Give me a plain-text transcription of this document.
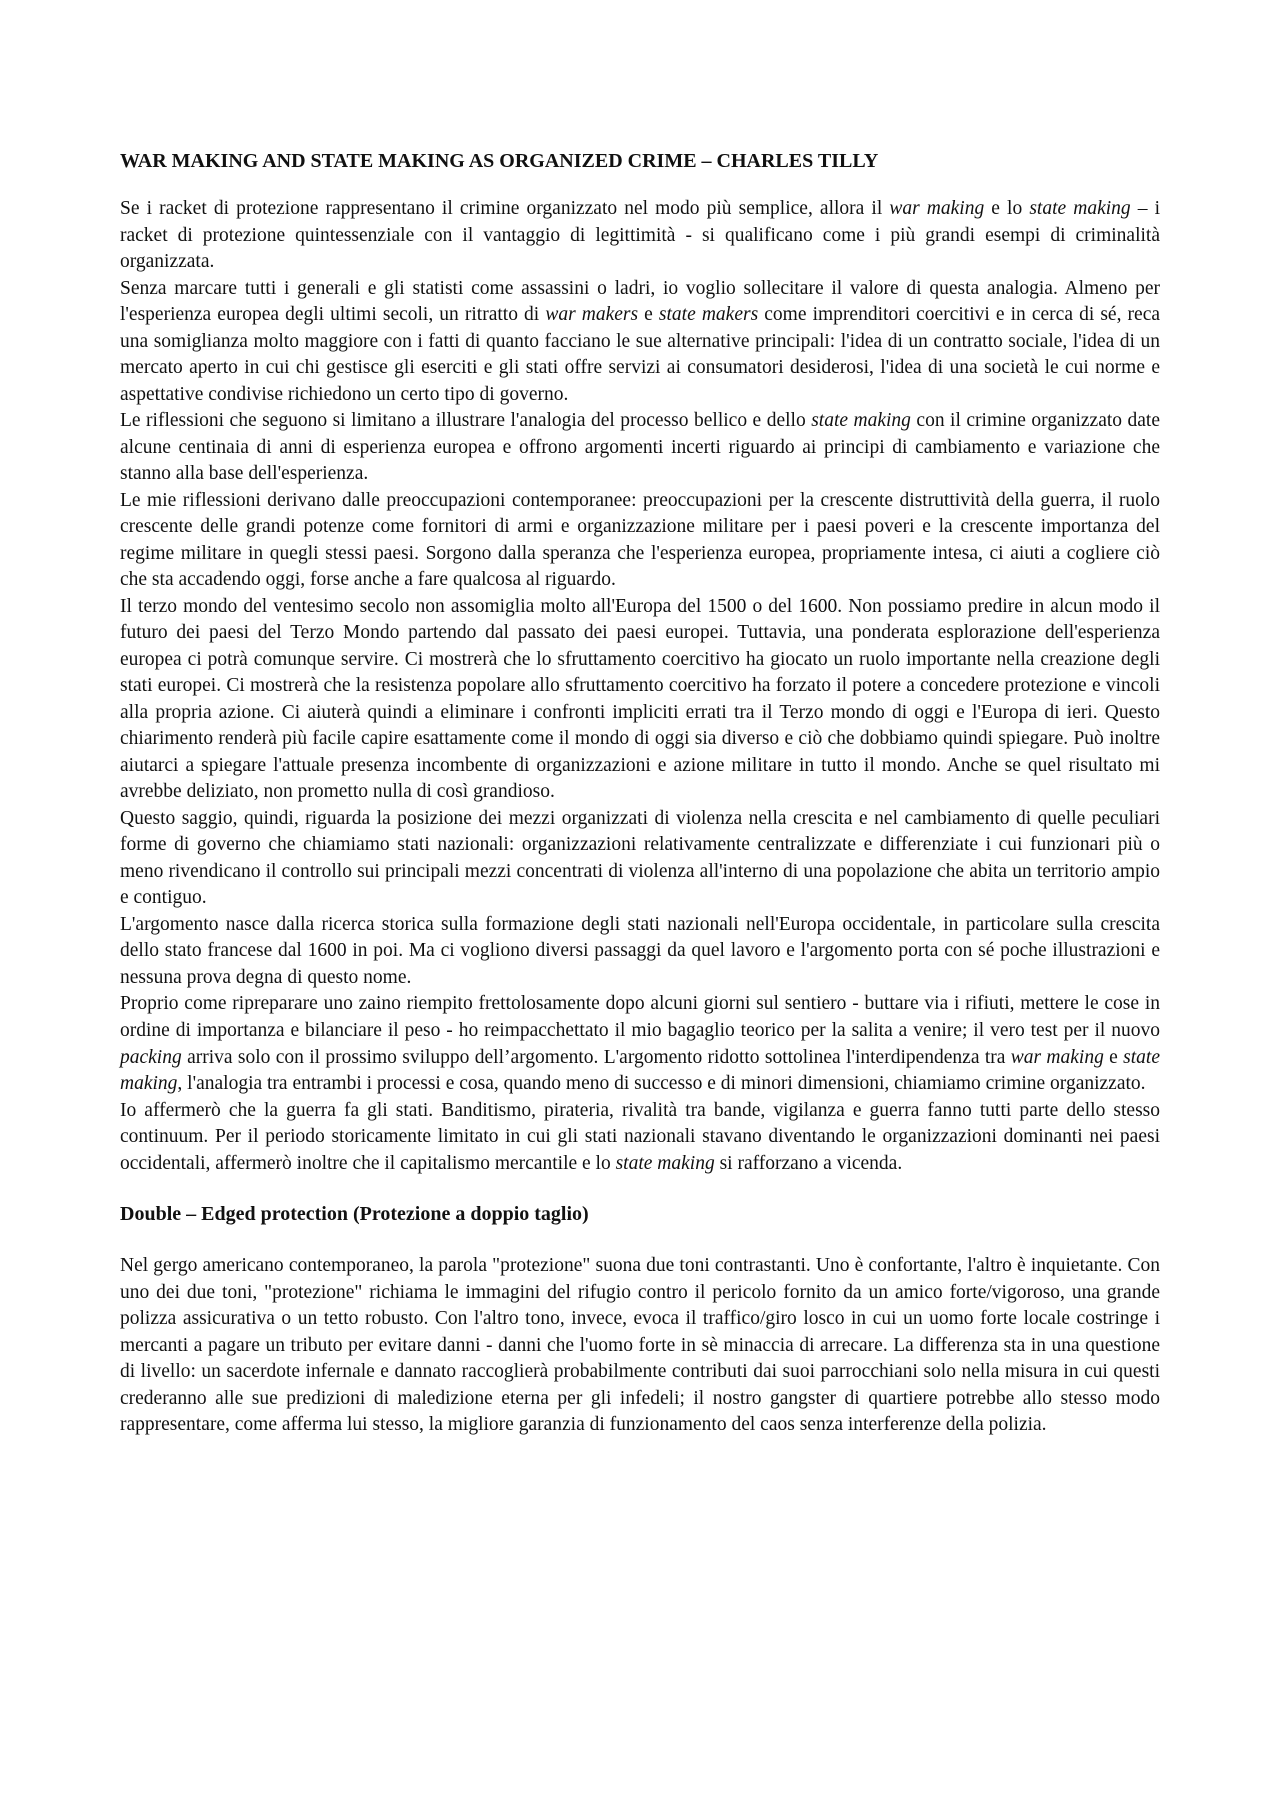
WAR MAKING AND STATE MAKING AS ORGANIZED CRIME – CHARLES TILLY

Se i racket di protezione rappresentano il crimine organizzato nel modo più semplice, allora il war making e lo state making – i racket di protezione quintessenziale con il vantaggio di legittimità - si qualificano come i più grandi esempi di criminalità organizzata.

Senza marcare tutti i generali e gli statisti come assassini o ladri, io voglio sollecitare il valore di questa analogia. Almeno per l'esperienza europea degli ultimi secoli, un ritratto di war makers e state makers come imprenditori coercitivi e in cerca di sé, reca una somiglianza molto maggiore con i fatti di quanto facciano le sue alternative principali: l'idea di un contratto sociale, l'idea di un mercato aperto in cui chi gestisce gli eserciti e gli stati offre servizi ai consumatori desiderosi, l'idea di una società le cui norme e aspettative condivise richiedono un certo tipo di governo.

Le riflessioni che seguono si limitano a illustrare l'analogia del processo bellico e dello state making con il crimine organizzato date alcune centinaia di anni di esperienza europea e offrono argomenti incerti riguardo ai principi di cambiamento e variazione che stanno alla base dell'esperienza.

Le mie riflessioni derivano dalle preoccupazioni contemporanee: preoccupazioni per la crescente distruttività della guerra, il ruolo crescente delle grandi potenze come fornitori di armi e organizzazione militare per i paesi poveri e la crescente importanza del regime militare in quegli stessi paesi. Sorgono dalla speranza che l'esperienza europea, propriamente intesa, ci aiuti a cogliere ciò che sta accadendo oggi, forse anche a fare qualcosa al riguardo.

Il terzo mondo del ventesimo secolo non assomiglia molto all'Europa del 1500 o del 1600. Non possiamo predire in alcun modo il futuro dei paesi del Terzo Mondo partendo dal passato dei paesi europei. Tuttavia, una ponderata esplorazione dell'esperienza europea ci potrà comunque servire. Ci mostrerà che lo sfruttamento coercitivo ha giocato un ruolo importante nella creazione degli stati europei. Ci mostrerà che la resistenza popolare allo sfruttamento coercitivo ha forzato il potere a concedere protezione e vincoli alla propria azione. Ci aiuterà quindi a eliminare i confronti impliciti errati tra il Terzo mondo di oggi e l'Europa di ieri. Questo chiarimento renderà più facile capire esattamente come il mondo di oggi sia diverso e ciò che dobbiamo quindi spiegare. Può inoltre aiutarci a spiegare l'attuale presenza incombente di organizzazioni e azione militare in tutto il mondo. Anche se quel risultato mi avrebbe deliziato, non prometto nulla di così grandioso.

Questo saggio, quindi, riguarda la posizione dei mezzi organizzati di violenza nella crescita e nel cambiamento di quelle peculiari forme di governo che chiamiamo stati nazionali: organizzazioni relativamente centralizzate e differenziate i cui funzionari più o meno rivendicano il controllo sui principali mezzi concentrati di violenza all'interno di una popolazione che abita un territorio ampio e contiguo.

L'argomento nasce dalla ricerca storica sulla formazione degli stati nazionali nell'Europa occidentale, in particolare sulla crescita dello stato francese dal 1600 in poi. Ma ci vogliono diversi passaggi da quel lavoro e l'argomento porta con sé poche illustrazioni e nessuna prova degna di questo nome.

Proprio come ripreparare uno zaino riempito frettolosamente dopo alcuni giorni sul sentiero - buttare via i rifiuti, mettere le cose in ordine di importanza e bilanciare il peso - ho reimpacchettato il mio bagaglio teorico per la salita a venire; il vero test per il nuovo packing arriva solo con il prossimo sviluppo dell’argomento. L'argomento ridotto sottolinea l'interdipendenza tra war making e state making, l'analogia tra entrambi i processi e cosa, quando meno di successo e di minori dimensioni, chiamiamo crimine organizzato.

Io affermerò che la guerra fa gli stati. Banditismo, pirateria, rivalità tra bande, vigilanza e guerra fanno tutti parte dello stesso continuum. Per il periodo storicamente limitato in cui gli stati nazionali stavano diventando le organizzazioni dominanti nei paesi occidentali, affermerò inoltre che il capitalismo mercantile e lo state making si rafforzano a vicenda.

Double – Edged protection (Protezione a doppio taglio)

Nel gergo americano contemporaneo, la parola "protezione" suona due toni contrastanti. Uno è confortante, l'altro è inquietante. Con uno dei due toni, "protezione" richiama le immagini del rifugio contro il pericolo fornito da un amico forte/vigoroso, una grande polizza assicurativa o un tetto robusto. Con l'altro tono, invece, evoca il traffico/giro losco in cui un uomo forte locale costringe i mercanti a pagare un tributo per evitare danni - danni che l'uomo forte in sè minaccia di arrecare. La differenza sta in una questione di livello: un sacerdote infernale e dannato raccoglierà probabilmente contributi dai suoi parrocchiani solo nella misura in cui questi crederanno alle sue predizioni di maledizione eterna per gli infedeli; il nostro gangster di quartiere potrebbe allo stesso modo rappresentare, come afferma lui stesso, la migliore garanzia di funzionamento del caos senza interferenze della polizia.
